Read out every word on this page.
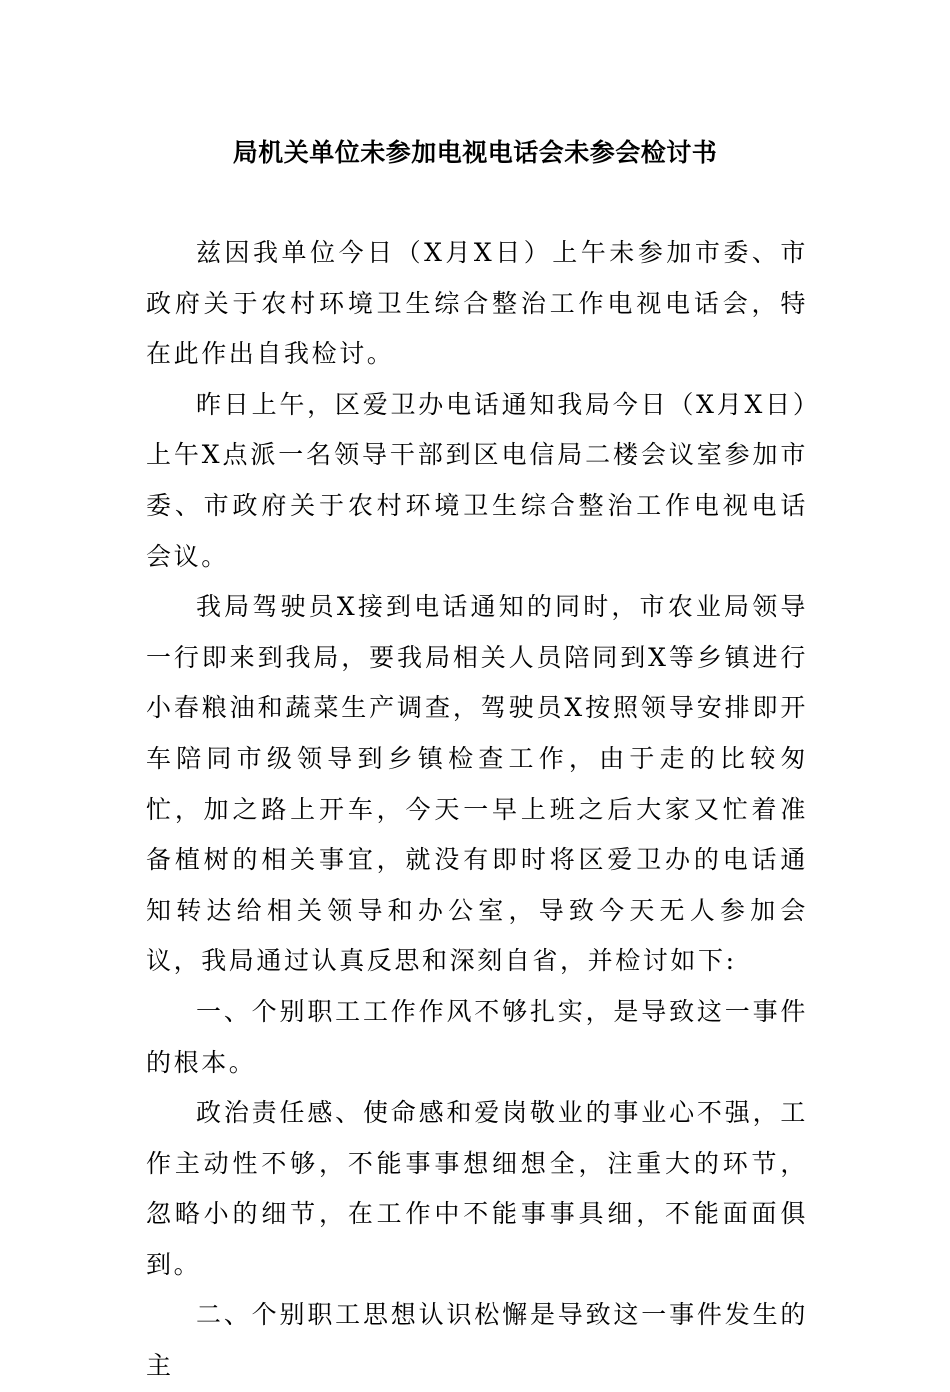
局机关单位未参加电视电话会未参会检讨书

兹因我单位今日（X月X日）上午未参加市委、市政府关于农村环境卫生综合整治工作电视电话会，特在此作出自我检讨。

昨日上午，区爱卫办电话通知我局今日（X月X日）上午X点派一名领导干部到区电信局二楼会议室参加市委、市政府关于农村环境卫生综合整治工作电视电话会议。

我局驾驶员X接到电话通知的同时，市农业局领导一行即来到我局，要我局相关人员陪同到X等乡镇进行小春粮油和蔬菜生产调查，驾驶员X按照领导安排即开车陪同市级领导到乡镇检查工作，由于走的比较匆忙，加之路上开车，今天一早上班之后大家又忙着准备植树的相关事宜，就没有即时将区爱卫办的电话通知转达给相关领导和办公室，导致今天无人参加会议，我局通过认真反思和深刻自省，并检讨如下:

一、个别职工工作作风不够扎实，是导致这一事件的根本。

政治责任感、使命感和爱岗敬业的事业心不强，工作主动性不够，不能事事想细想全，注重大的环节，忽略小的细节，在工作中不能事事具细，不能面面俱到。

二、个别职工思想认识松懈是导致这一事件发生的主
